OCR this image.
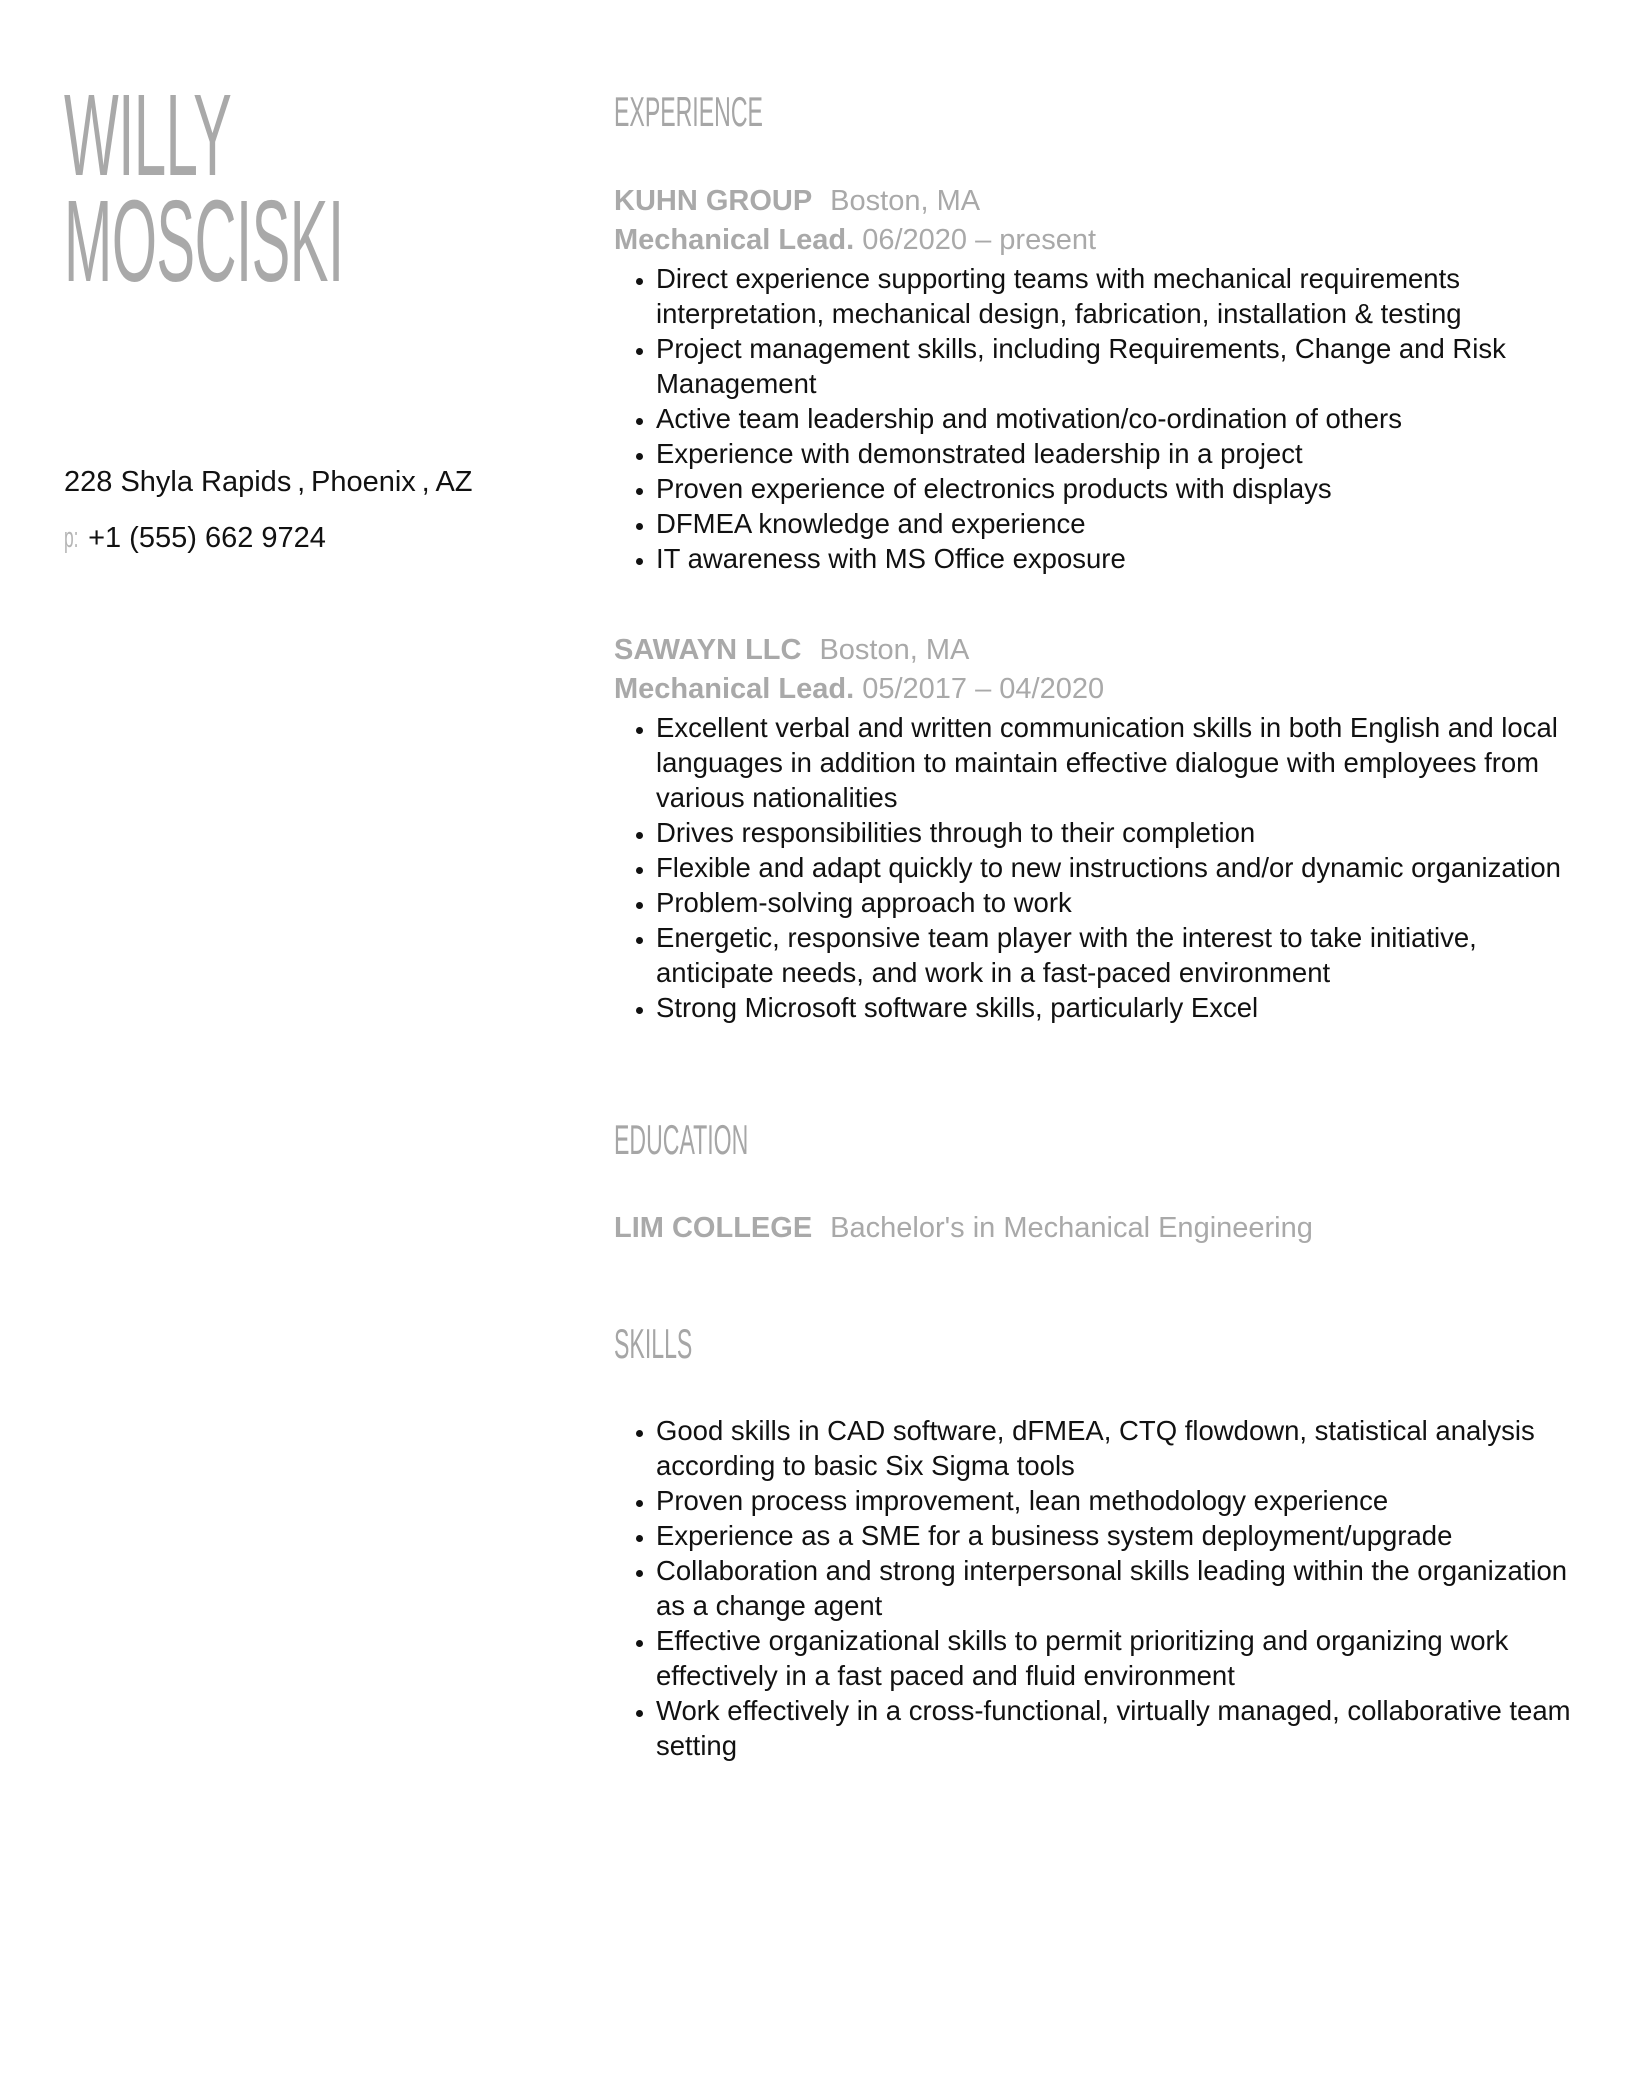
WILLY
MOSCISKI
228 Shyla Rapids , Phoenix , AZ
p: +1 (555) 662 9724
EXPERIENCE
KUHN GROUP Boston, MA
Mechanical Lead. 06/2020 – present
• Direct experience supporting teams with mechanical requirements interpretation, mechanical design, fabrication, installation & testing
• Project management skills, including Requirements, Change and Risk Management
• Active team leadership and motivation/co-ordination of others
• Experience with demonstrated leadership in a project
• Proven experience of electronics products with displays
• DFMEA knowledge and experience
• IT awareness with MS Office exposure
SAWAYN LLC Boston, MA
Mechanical Lead. 05/2017 – 04/2020
• Excellent verbal and written communication skills in both English and local languages in addition to maintain effective dialogue with employees from various nationalities
• Drives responsibilities through to their completion
• Flexible and adapt quickly to new instructions and/or dynamic organization
• Problem-solving approach to work
• Energetic, responsive team player with the interest to take initiative, anticipate needs, and work in a fast-paced environment
• Strong Microsoft software skills, particularly Excel
EDUCATION
LIM COLLEGE Bachelor's in Mechanical Engineering
SKILLS
• Good skills in CAD software, dFMEA, CTQ flowdown, statistical analysis according to basic Six Sigma tools
• Proven process improvement, lean methodology experience
• Experience as a SME for a business system deployment/upgrade
• Collaboration and strong interpersonal skills leading within the organization as a change agent
• Effective organizational skills to permit prioritizing and organizing work effectively in a fast paced and fluid environment
• Work effectively in a cross-functional, virtually managed, collaborative team setting
